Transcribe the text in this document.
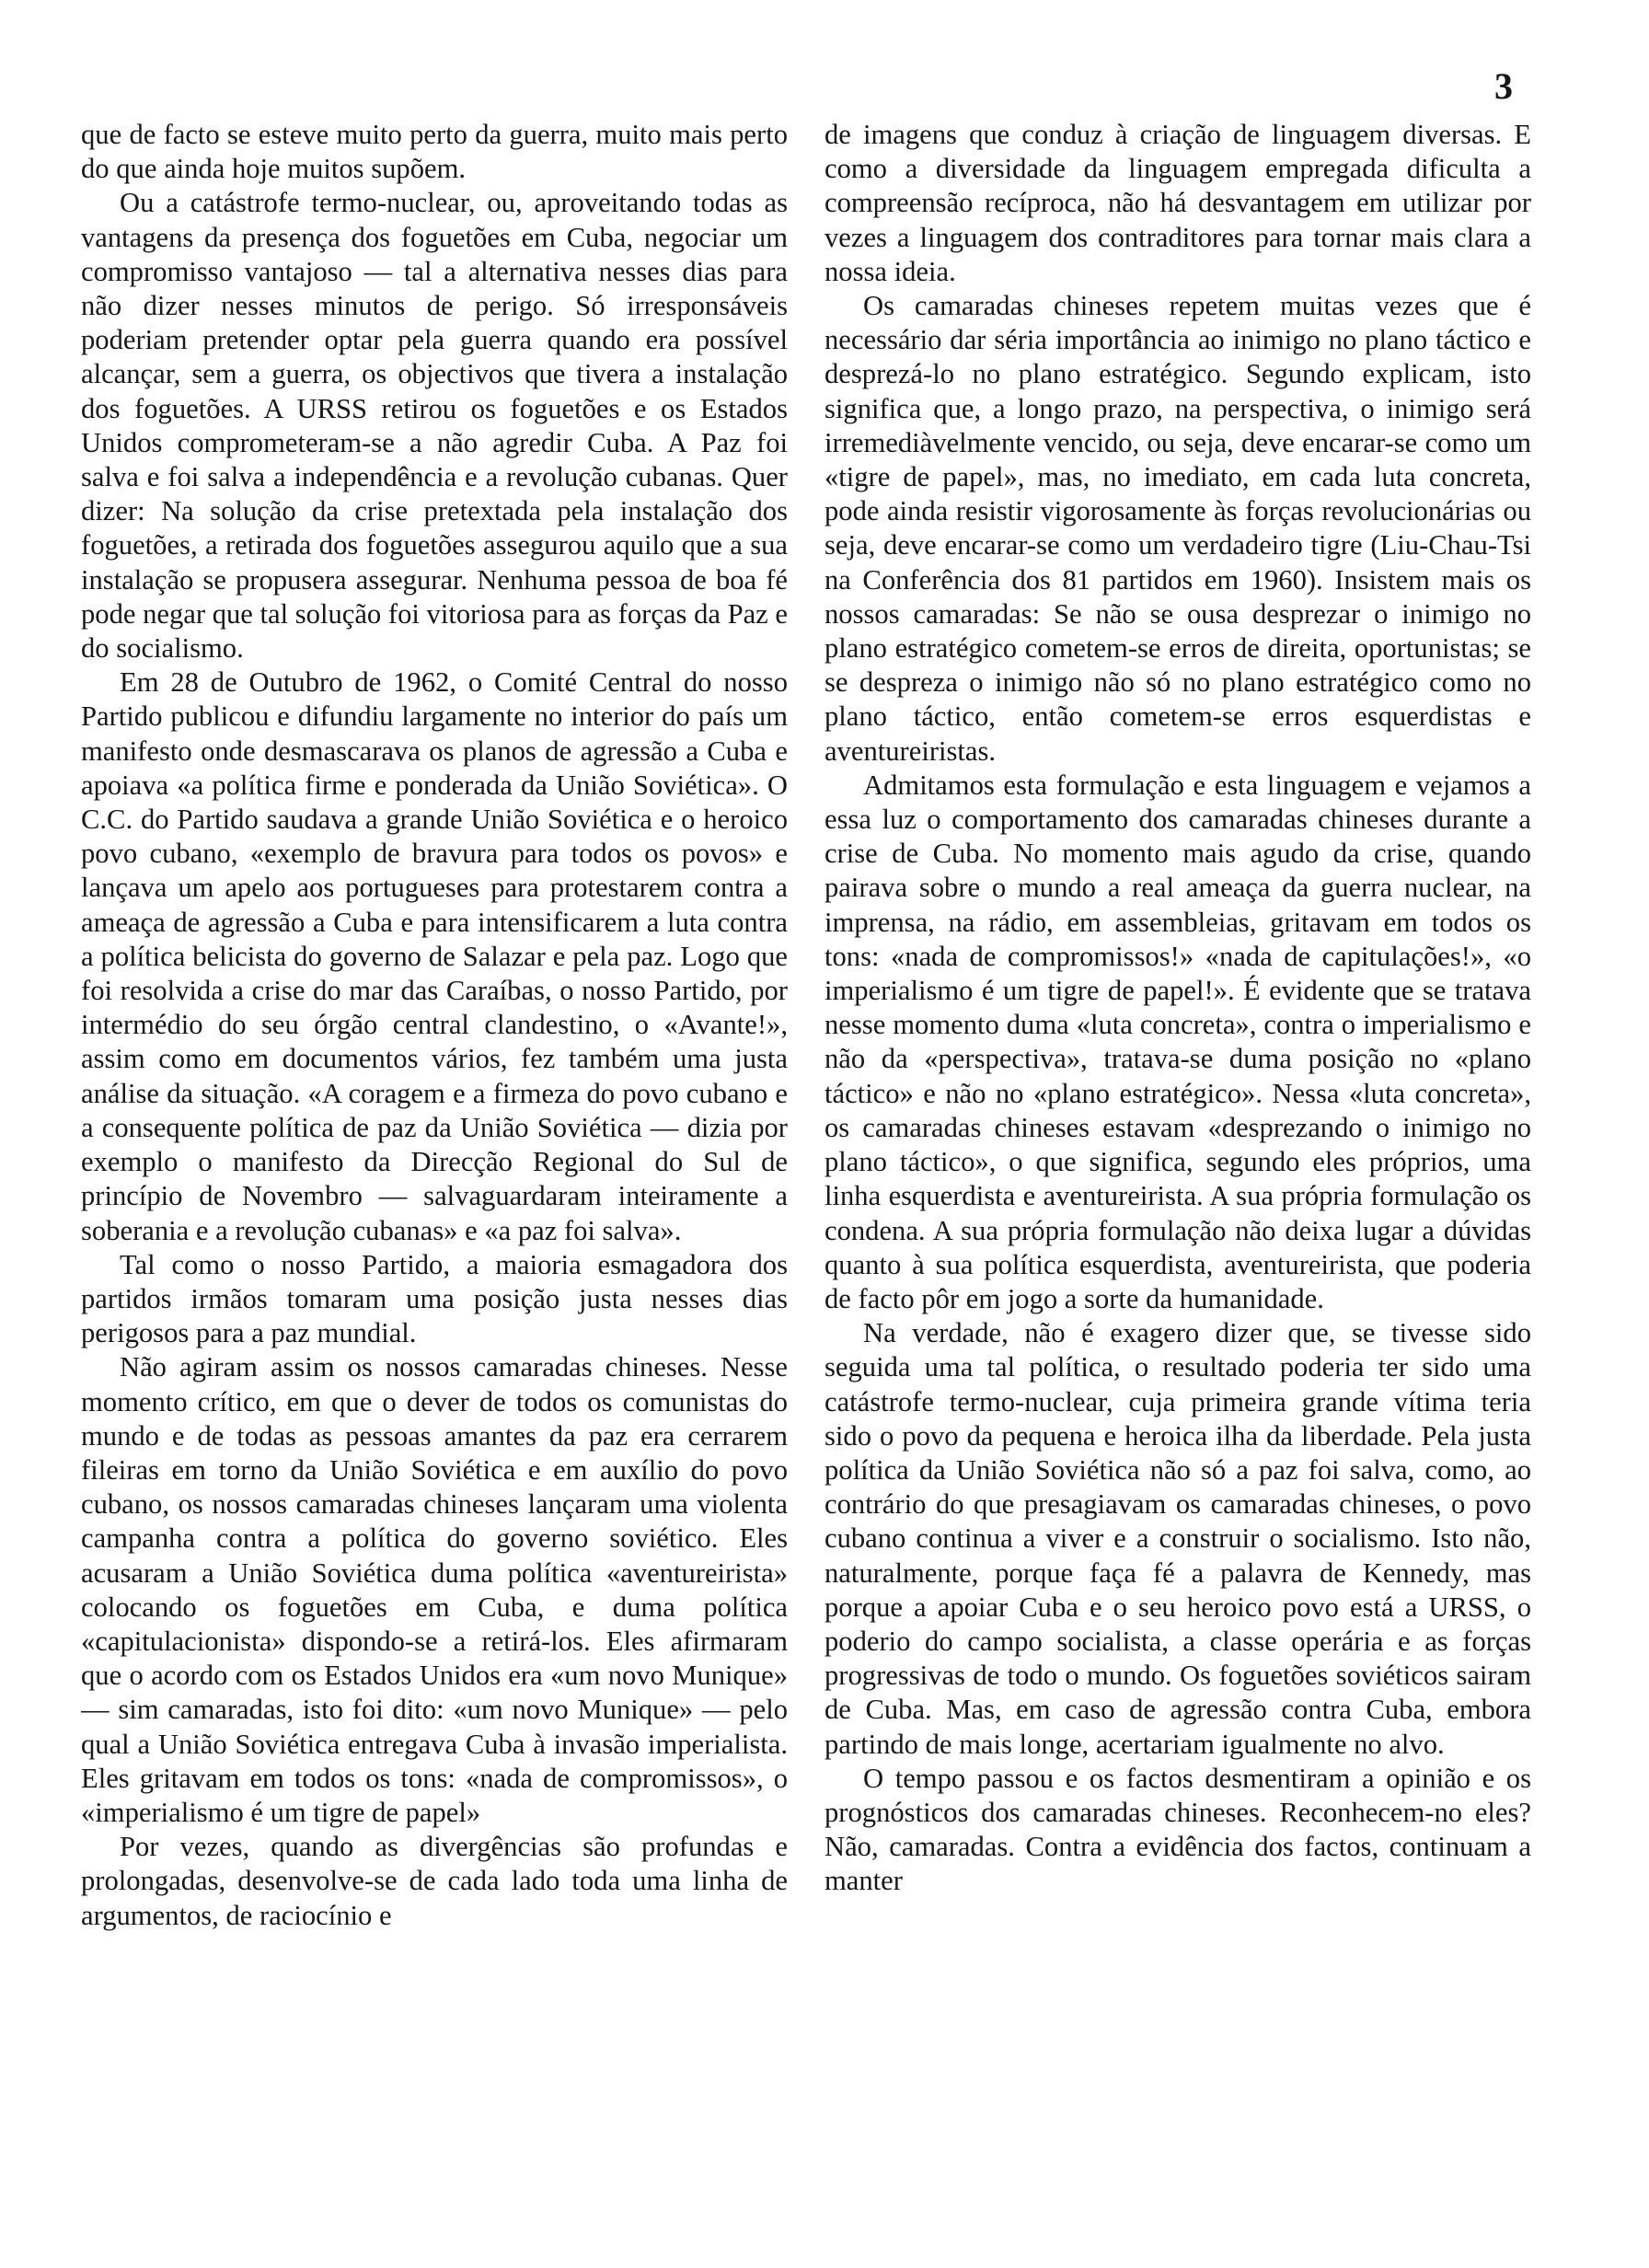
3

que de facto se esteve muito perto da guerra, muito mais perto do que ainda hoje muitos supõem.

Ou a catástrofe termo-nuclear, ou, aproveitando todas as vantagens da presença dos foguetões em Cuba, negociar um compromisso vantajoso — tal a alternativa nesses dias para não dizer nesses minutos de perigo. Só irresponsáveis poderiam pretender optar pela guerra quando era possível alcançar, sem a guerra, os objectivos que tivera a instalação dos foguetões. A URSS retirou os foguetões e os Estados Unidos comprometeram-se a não agredir Cuba. A Paz foi salva e foi salva a independência e a revolução cubanas. Quer dizer: Na solução da crise pretextada pela instalação dos foguetões, a retirada dos foguetões assegurou aquilo que a sua instalação se propusera assegurar. Nenhuma pessoa de boa fé pode negar que tal solução foi vitoriosa para as forças da Paz e do socialismo.

Em 28 de Outubro de 1962, o Comité Central do nosso Partido publicou e difundiu largamente no interior do país um manifesto onde desmascarava os planos de agressão a Cuba e apoiava «a política firme e ponderada da União Soviética». O C.C. do Partido saudava a grande União Soviética e o heroico povo cubano, «exemplo de bravura para todos os povos» e lançava um apelo aos portugueses para protestarem contra a ameaça de agressão a Cuba e para intensificarem a luta contra a política belicista do governo de Salazar e pela paz. Logo que foi resolvida a crise do mar das Caraíbas, o nosso Partido, por intermédio do seu órgão central clandestino, o «Avante!», assim como em documentos vários, fez também uma justa análise da situação. «A coragem e a firmeza do povo cubano e a consequente política de paz da União Soviética — dizia por exemplo o manifesto da Direcção Regional do Sul de princípio de Novembro — salvaguardaram inteiramente a soberania e a revolução cubanas» e «a paz foi salva».

Tal como o nosso Partido, a maioria esmagadora dos partidos irmãos tomaram uma posição justa nesses dias perigosos para a paz mundial.

Não agiram assim os nossos camaradas chineses. Nesse momento crítico, em que o dever de todos os comunistas do mundo e de todas as pessoas amantes da paz era cerrarem fileiras em torno da União Soviética e em auxílio do povo cubano, os nossos camaradas chineses lançaram uma violenta campanha contra a política do governo soviético. Eles acusaram a União Soviética duma política «aventureirista» colocando os foguetões em Cuba, e duma política «capitulacionista» dispondo-se a retirá-los. Eles afirmaram que o acordo com os Estados Unidos era «um novo Munique» — sim camaradas, isto foi dito: «um novo Munique» — pelo qual a União Soviética entregava Cuba à invasão imperialista. Eles gritavam em todos os tons: «nada de compromissos», o «imperialismo é um tigre de papel»

Por vezes, quando as divergências são profundas e prolongadas, desenvolve-se de cada lado toda uma linha de argumentos, de raciocínio e

de imagens que conduz à criação de linguagem diversas. E como a diversidade da linguagem empregada dificulta a compreensão recíproca, não há desvantagem em utilizar por vezes a linguagem dos contraditores para tornar mais clara a nossa ideia.

Os camaradas chineses repetem muitas vezes que é necessário dar séria importância ao inimigo no plano táctico e desprezá-lo no plano estratégico. Segundo explicam, isto significa que, a longo prazo, na perspectiva, o inimigo será irremediàvelmente vencido, ou seja, deve encarar-se como um «tigre de papel», mas, no imediato, em cada luta concreta, pode ainda resistir vigorosamente às forças revolucionárias ou seja, deve encarar-se como um verdadeiro tigre (Liu-Chau-Tsi na Conferência dos 81 partidos em 1960). Insistem mais os nossos camaradas: Se não se ousa desprezar o inimigo no plano estratégico cometem-se erros de direita, oportunistas; se se despreza o inimigo não só no plano estratégico como no plano táctico, então cometem-se erros esquerdistas e aventureiristas.

Admitamos esta formulação e esta linguagem e vejamos a essa luz o comportamento dos camaradas chineses durante a crise de Cuba. No momento mais agudo da crise, quando pairava sobre o mundo a real ameaça da guerra nuclear, na imprensa, na rádio, em assembleias, gritavam em todos os tons: «nada de compromissos!» «nada de capitulações!», «o imperialismo é um tigre de papel!». É evidente que se tratava nesse momento duma «luta concreta», contra o imperialismo e não da «perspectiva», tratava-se duma posição no «plano táctico» e não no «plano estratégico». Nessa «luta concreta», os camaradas chineses estavam «desprezando o inimigo no plano táctico», o que significa, segundo eles próprios, uma linha esquerdista e aventureirista. A sua própria formulação os condena. A sua própria formulação não deixa lugar a dúvidas quanto à sua política esquerdista, aventureirista, que poderia de facto pôr em jogo a sorte da humanidade.

Na verdade, não é exagero dizer que, se tivesse sido seguida uma tal política, o resultado poderia ter sido uma catástrofe termo-nuclear, cuja primeira grande vítima teria sido o povo da pequena e heroica ilha da liberdade. Pela justa política da União Soviética não só a paz foi salva, como, ao contrário do que presagiavam os camaradas chineses, o povo cubano continua a viver e a construir o socialismo. Isto não, naturalmente, porque faça fé a palavra de Kennedy, mas porque a apoiar Cuba e o seu heroico povo está a URSS, o poderio do campo socialista, a classe operária e as forças progressivas de todo o mundo. Os foguetões soviéticos sairam de Cuba. Mas, em caso de agressão contra Cuba, embora partindo de mais longe, acertariam igualmente no alvo.

O tempo passou e os factos desmentiram a opinião e os prognósticos dos camaradas chineses. Reconhecem-no eles? Não, camaradas. Contra a evidência dos factos, continuam a manter
